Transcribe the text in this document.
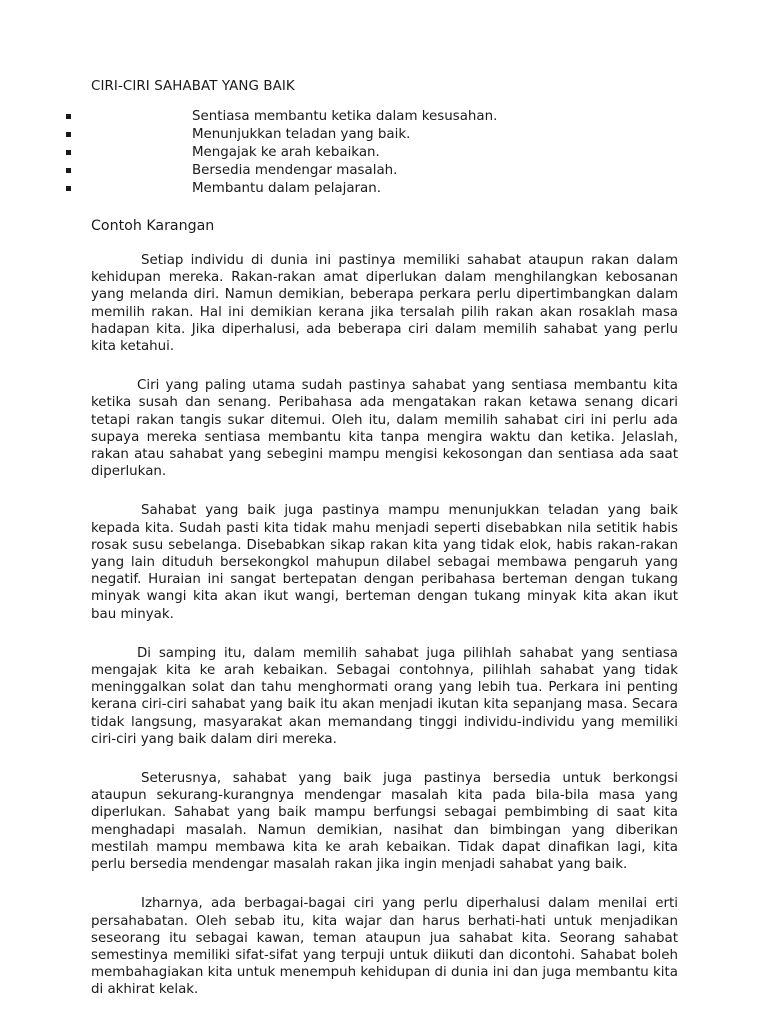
CIRI-CIRI SAHABAT YANG BAIK
Sentiasa membantu ketika dalam kesusahan.
Menunjukkan teladan yang baik.
Mengajak ke arah kebaikan.
Bersedia mendengar masalah.
Membantu dalam pelajaran.
Contoh Karangan

Setiap individu di dunia ini pastinya memiliki sahabat ataupun rakan dalam kehidupan mereka. Rakan-rakan amat diperlukan dalam menghilangkan kebosanan yang melanda diri. Namun demikian, beberapa perkara perlu dipertimbangkan dalam memilih rakan. Hal ini demikian kerana jika tersalah pilih rakan akan rosaklah masa hadapan kita. Jika diperhalusi, ada beberapa ciri dalam memilih sahabat yang perlu kita ketahui.

Ciri yang paling utama sudah pastinya sahabat yang sentiasa membantu kita ketika susah dan senang. Peribahasa ada mengatakan rakan ketawa senang dicari tetapi rakan tangis sukar ditemui. Oleh itu, dalam memilih sahabat ciri ini perlu ada supaya mereka sentiasa membantu kita tanpa mengira waktu dan ketika. Jelaslah, rakan atau sahabat yang sebegini mampu mengisi kekosongan dan sentiasa ada saat diperlukan.

Sahabat yang baik juga pastinya mampu menunjukkan teladan yang baik kepada kita. Sudah pasti kita tidak mahu menjadi seperti disebabkan nila setitik habis rosak susu sebelanga. Disebabkan sikap rakan kita yang tidak elok, habis rakan-rakan yang lain dituduh bersekongkol mahupun dilabel sebagai membawa pengaruh yang negatif. Huraian ini sangat bertepatan dengan peribahasa berteman dengan tukang minyak wangi kita akan ikut wangi, berteman dengan tukang minyak kita akan ikut bau minyak.

Di samping itu, dalam memilih sahabat juga pilihlah sahabat yang sentiasa mengajak kita ke arah kebaikan. Sebagai contohnya, pilihlah sahabat yang tidak meninggalkan solat dan tahu menghormati orang yang lebih tua. Perkara ini penting kerana ciri-ciri sahabat yang baik itu akan menjadi ikutan kita sepanjang masa. Secara tidak langsung, masyarakat akan memandang tinggi individu-individu yang memiliki ciri-ciri yang baik dalam diri mereka.

Seterusnya, sahabat yang baik juga pastinya bersedia untuk berkongsi ataupun sekurang-kurangnya mendengar masalah kita pada bila-bila masa yang diperlukan. Sahabat yang baik mampu berfungsi sebagai pembimbing di saat kita menghadapi masalah. Namun demikian, nasihat dan bimbingan yang diberikan mestilah mampu membawa kita ke arah kebaikan. Tidak dapat dinafikan lagi, kita perlu bersedia mendengar masalah rakan jika ingin menjadi sahabat yang baik.

Izharnya, ada berbagai-bagai ciri yang perlu diperhalusi dalam menilai erti persahabatan. Oleh sebab itu, kita wajar dan harus berhati-hati untuk menjadikan seseorang itu sebagai kawan, teman ataupun jua sahabat kita. Seorang sahabat semestinya memiliki sifat-sifat yang terpuji untuk diikuti dan dicontohi. Sahabat boleh membahagiakan kita untuk menempuh kehidupan di dunia ini dan juga membantu kita di akhirat kelak.
